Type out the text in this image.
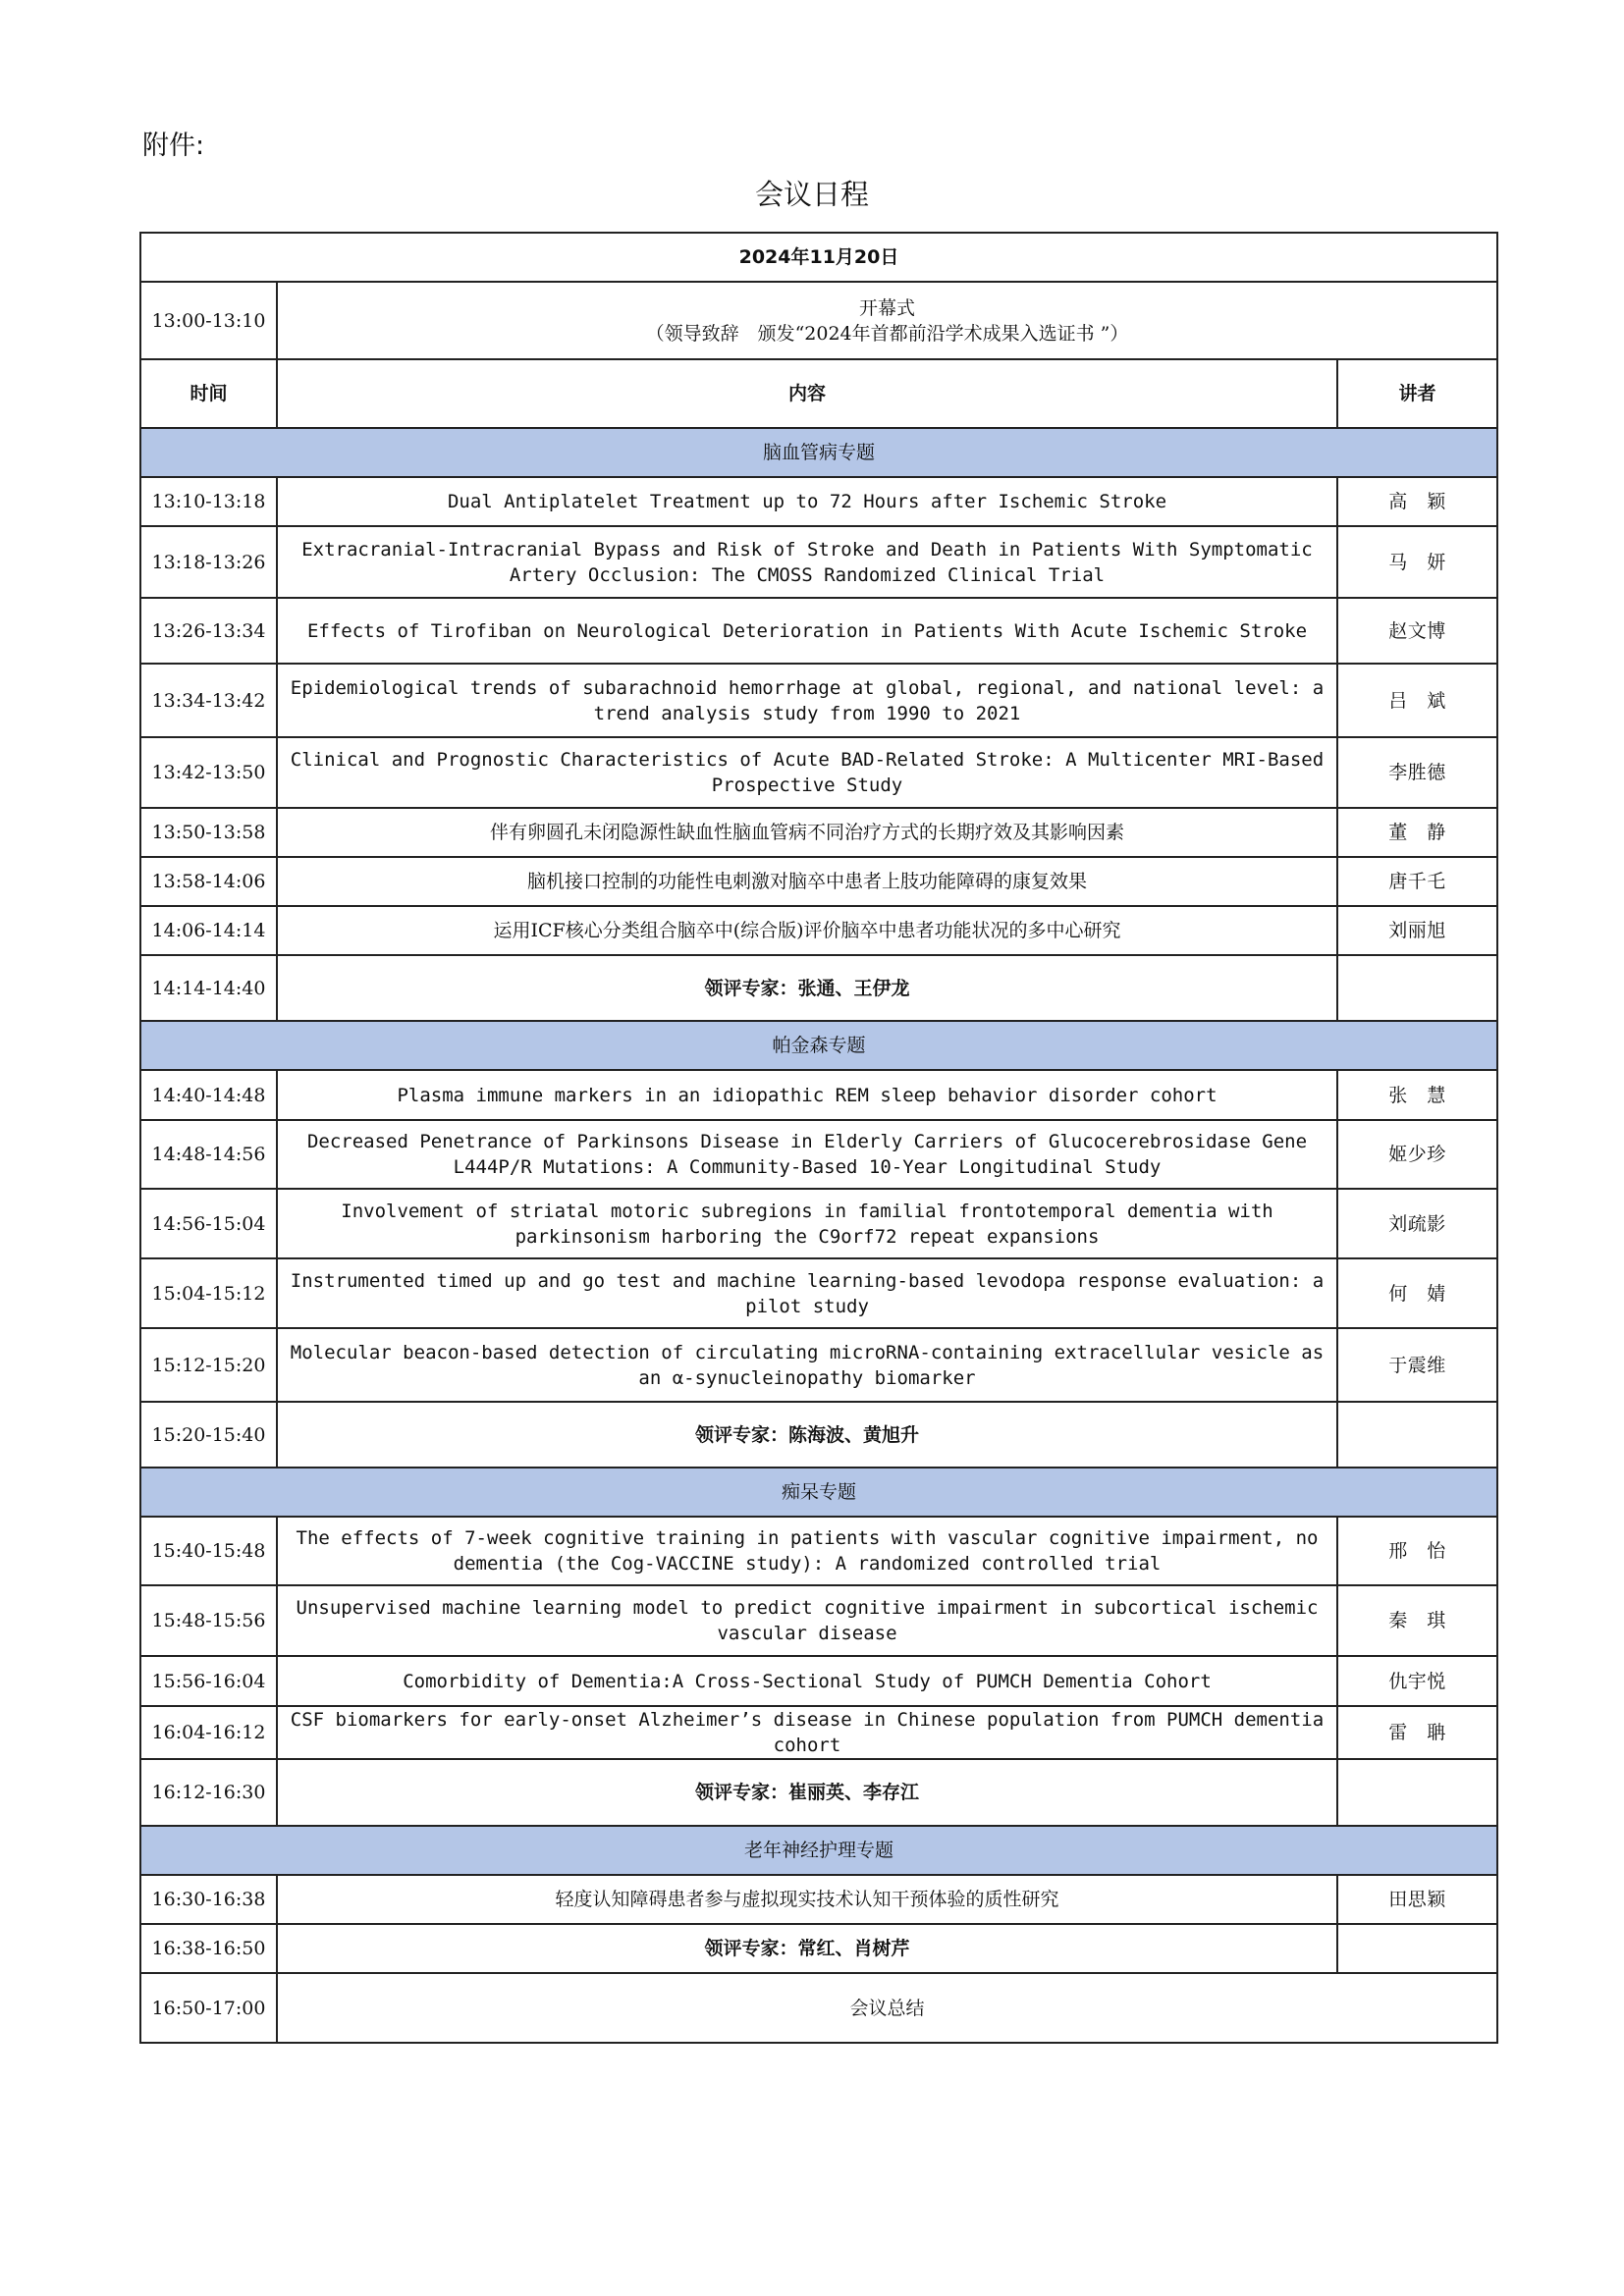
附件:
会议日程
2024年11月20日		
13:00-13:10	开幕式
（领导致辞　颁发“2024年首都前沿学术成果入选证书 ”）	

时间	内容	讲者
脑血管病专题		
13:10-13:18	Dual Antiplatelet Treatment up to 72 Hours after Ischemic Stroke	高　颖
13:18-13:26	Extracranial-Intracranial Bypass and Risk of Stroke and Death in Patients With Symptomatic Artery Occlusion: The CMOSS Randomized Clinical Trial	马　妍
13:26-13:34	Effects of Tirofiban on Neurological Deterioration in Patients With Acute Ischemic Stroke	赵文博
13:34-13:42	Epidemiological trends of subarachnoid hemorrhage at global, regional, and national level: a trend analysis study from 1990 to 2021	吕　斌
13:42-13:50	Clinical and Prognostic Characteristics of Acute BAD‐Related Stroke: A Multicenter MRI‐Based Prospective Study	李胜德
13:50-13:58	伴有卵圆孔未闭隐源性缺血性脑血管病不同治疗方式的长期疗效及其影响因素	董　静
13:58-14:06	脑机接口控制的功能性电刺激对脑卒中患者上肢功能障碍的康复效果	唐千乇
14:06-14:14	运用ICF核心分类组合脑卒中(综合版)评价脑卒中患者功能状况的多中心研究	刘丽旭
14:14-14:40	领评专家：张通、王伊龙	
帕金森专题		
14:40-14:48	Plasma immune markers in an idiopathic REM sleep behavior disorder cohort	张　慧
14:48-14:56	Decreased Penetrance of Parkinsons Disease in Elderly Carriers of Glucocerebrosidase Gene L444P/R Mutations: A Community-Based 10-Year Longitudinal Study	姬少珍
14:56-15:04	Involvement of striatal motoric subregions in familial frontotemporal dementia with parkinsonism harboring the C9orf72 repeat expansions	刘疏影
15:04-15:12	Instrumented timed up and go test and machine learning-based levodopa response evaluation: a pilot study	何　婧
15:12-15:20	Molecular beacon‐based detection of circulating microRNA-containing extracellular vesicle as an α‐synucleinopathy biomarker	于震维
15:20-15:40	领评专家：陈海波、黄旭升	
痴呆专题		
15:40-15:48	The effects of 7-week cognitive training in patients with vascular cognitive impairment, no dementia (the Cog-VACCINE study): A randomized controlled trial	邢　怡
15:48-15:56	Unsupervised machine learning model to predict cognitive impairment in subcortical ischemic vascular disease	秦　琪
15:56-16:04	Comorbidity of Dementia:A Cross-Sectional Study of PUMCH Dementia Cohort	仇宇悦
16:04-16:12	CSF biomarkers for early-onset Alzheimer’s disease in Chinese population from PUMCH dementia cohort	雷　聃
16:12-16:30	领评专家：崔丽英、李存江	
老年神经护理专题		
16:30-16:38	轻度认知障碍患者参与虚拟现实技术认知干预体验的质性研究	田思颖
16:38-16:50	领评专家：常红、肖树芹	
16:50-17:00	会议总结	
